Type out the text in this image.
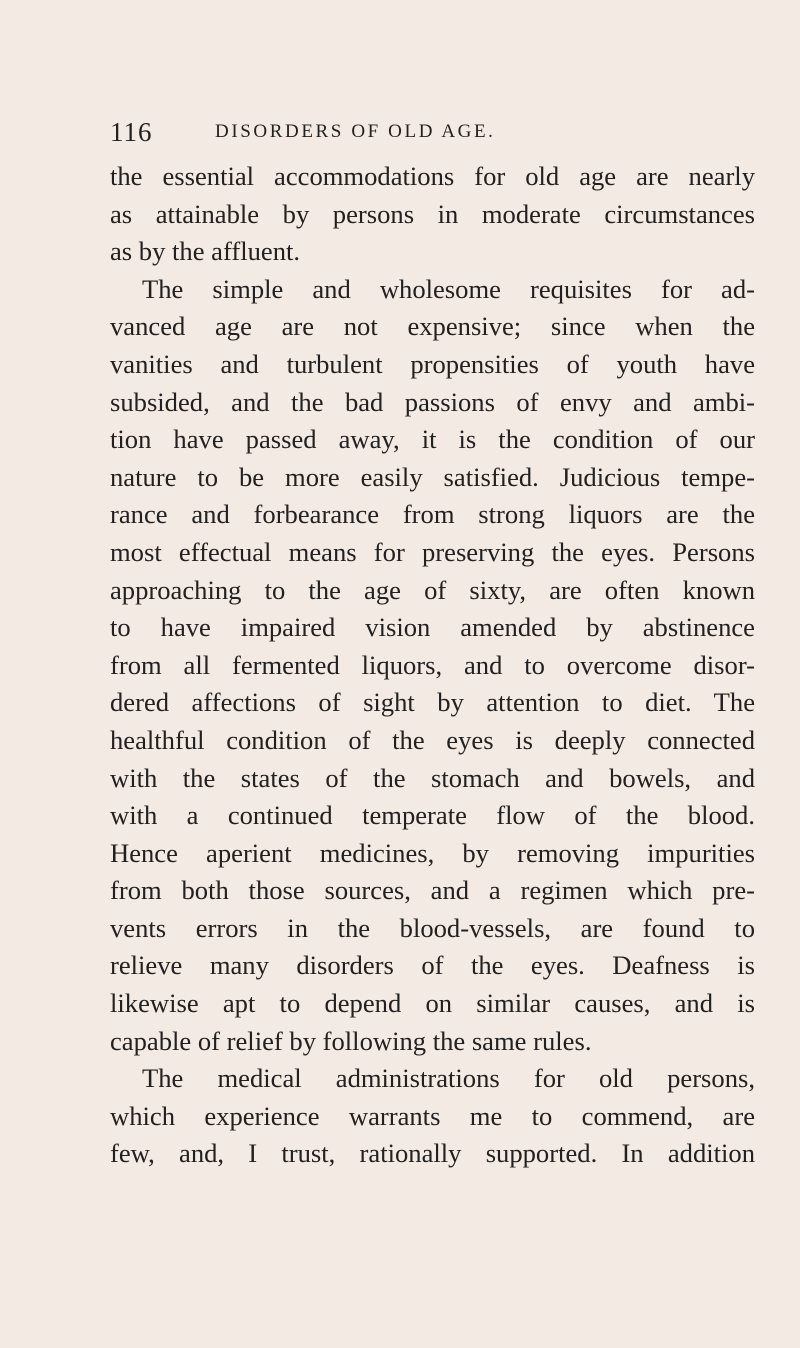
116	DISORDERS OF OLD AGE.
the essential accommodations for old age are nearly
as attainable by persons in moderate circumstances
as by the affluent.
The simple and wholesome requisites for ad-
vanced age are not expensive; since when the
vanities and turbulent propensities of youth have
subsided, and the bad passions of envy and ambi-
tion have passed away, it is the condition of our
nature to be more easily satisfied. Judicious tempe-
rance and forbearance from strong liquors are the
most effectual means for preserving the eyes. Persons
approaching to the age of sixty, are often known
to have impaired vision amended by abstinence
from all fermented liquors, and to overcome disor-
dered affections of sight by attention to diet. The
healthful condition of the eyes is deeply connected
with the states of the stomach and bowels, and
with a continued temperate flow of the blood.
Hence aperient medicines, by removing impurities
from both those sources, and a regimen which pre-
vents errors in the blood-vessels, are found to
relieve many disorders of the eyes. Deafness is
likewise apt to depend on similar causes, and is
capable of relief by following the same rules.
The medical administrations for old persons,
which experience warrants me to commend, are
few, and, I trust, rationally supported. In addition
